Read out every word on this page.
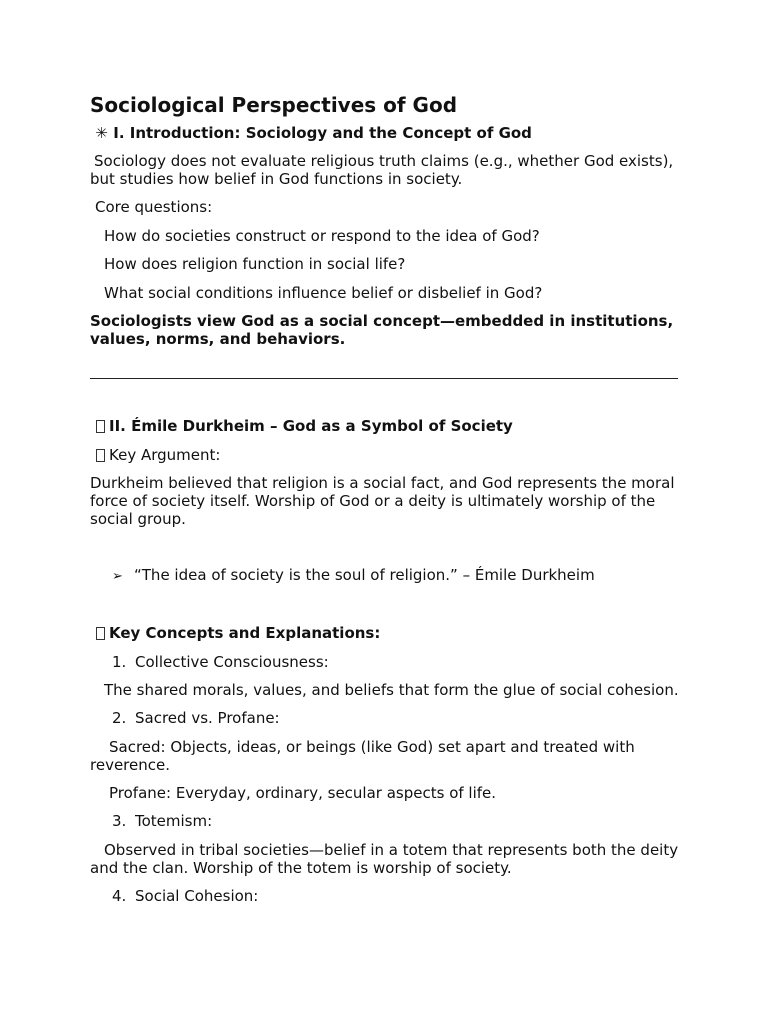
Sociological Perspectives of God
✳ I. Introduction: Sociology and the Concept of God

Sociology does not evaluate religious truth claims (e.g., whether God exists), but studies how belief in God functions in society.

Core questions:

How do societies construct or respond to the idea of God?

How does religion function in social life?

What social conditions influence belief or disbelief in God?

Sociologists view God as a social concept—embedded in institutions, values, norms, and behaviors.

II. Émile Durkheim – God as a Symbol of Society

Key Argument:

Durkheim believed that religion is a social fact, and God represents the moral force of society itself. Worship of God or a deity is ultimately worship of the social group.

➢ “The idea of society is the soul of religion.” – Émile Durkheim
Key Concepts and Explanations:
1. Collective Consciousness:

The shared morals, values, and beliefs that form the glue of social cohesion.

2. Sacred vs. Profane:

Sacred: Objects, ideas, or beings (like God) set apart and treated with reverence.

Profane: Everyday, ordinary, secular aspects of life.

3. Totemism:

Observed in tribal societies—belief in a totem that represents both the deity and the clan. Worship of the totem is worship of society.

4. Social Cohesion:
